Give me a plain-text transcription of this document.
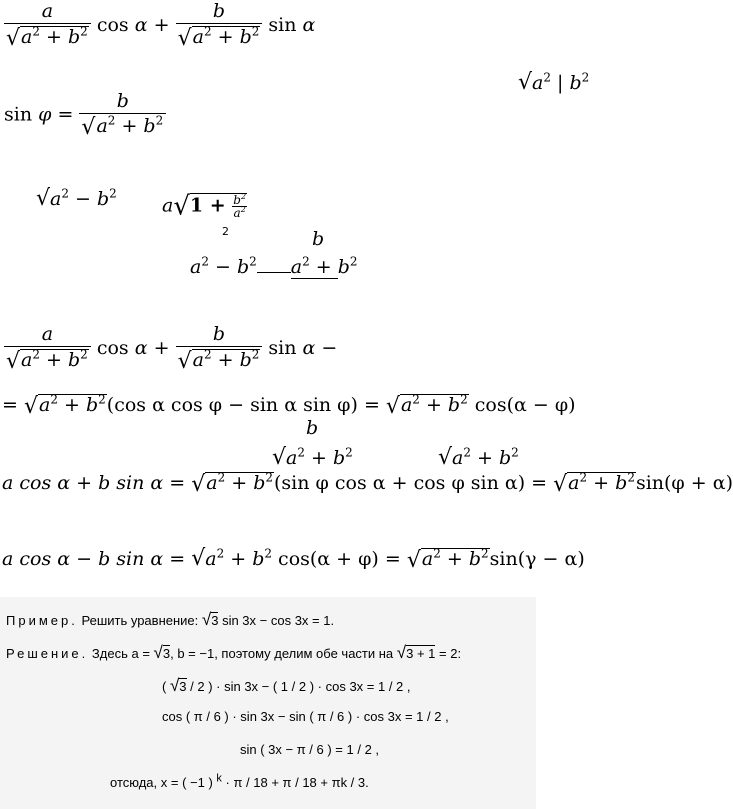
$\frac{a}{√a^2 + b^2}$ $\cos \alpha + \frac{b}{√a^2 + b^2}$ sin α
$√a^2$ | $b^2$
$\sin \varphi = \frac{b}{√a^2 + b^2}$
$√a^2 - b^2$
$a√1 + \frac{b^2}{a^2}$
2	b
$a^2 - b^2$ $a^2 + b^2$
$\frac{a}{√a^2 + b^2}$ $\cos \alpha + \frac{b}{√a^2 + b^2}$ sin α −
= $√a^2 + b^2(\cos$ α cos φ − sin α $\sin \varphi) = √a^2 + b^2$ cos(α − φ)
b
$√a^2 + b^2$	$√a^2 + b^2$
a cos α + b $\sin \alpha = √a^2 + b^2(\sin$ φ cos α + cos φ $\sin \alpha) = √a^2 + b^2\sin(\varphi + \alpha)$
a cos α − b $\sin \alpha = √a^2 + b^2$ $\cos(\alpha + \varphi) = √a^2 + b^2\sin(\gamma - \alpha)$
Пример. Решить уравнение: √3 sin 3x − cos 3x = 1.
Решение. Здесь a = √3, b = −1, поэтому делим обе части на √3 + 1 = 2:
( √3 / 2 ) · sin 3x − ( 1 / 2 ) · cos 3x = 1 / 2 ,
cos ( π / 6 ) · sin 3x − sin ( π / 6 ) · cos 3x = 1 / 2 ,
sin ( 3x − π / 6 ) = 1 / 2 ,
отсюда, x = ( −1 ) $^k$ · π / 18 + π / 18 + πk / 3.
